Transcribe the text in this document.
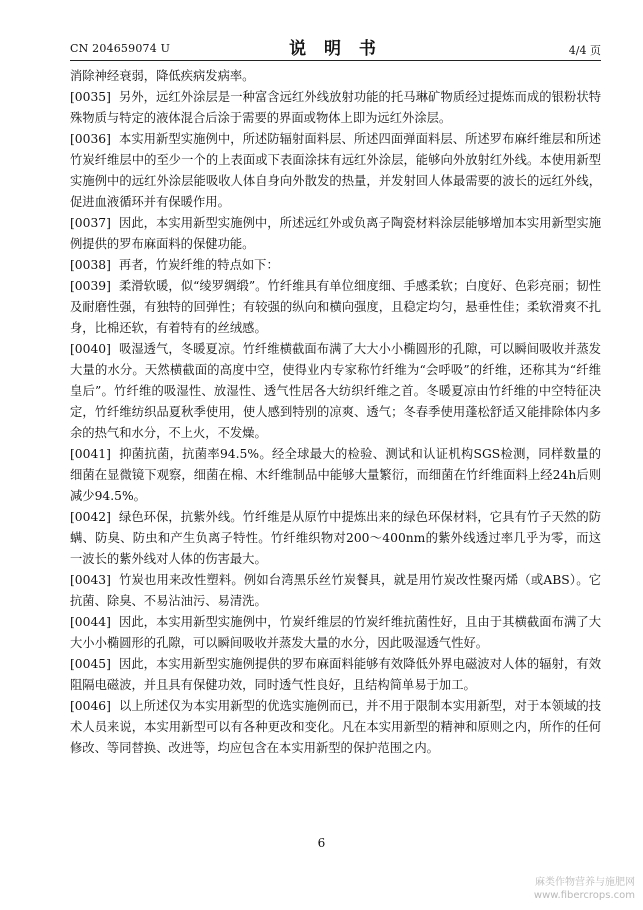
CN 204659074 U	说 明 书	4/4 页

消除神经衰弱，降低疾病发病率。

[0035] 另外，远红外涂层是一种富含远红外线放射功能的托马琳矿物质经过提炼而成的银粉状特殊物质与特定的液体混合后涂于需要的界面或物体上即为远红外涂层。

[0036] 本实用新型实施例中，所述防辐射面料层、所述四面弹面料层、所述罗布麻纤维层和所述竹炭纤维层中的至少一个的上表面或下表面涂抹有远红外涂层，能够向外放射红外线。本使用新型实施例中的远红外涂层能吸收人体自身向外散发的热量，并发射回人体最需要的波长的远红外线，促进血液循环并有保暖作用。

[0037] 因此，本实用新型实施例中，所述远红外或负离子陶瓷材料涂层能够增加本实用新型实施例提供的罗布麻面料的保健功能。

[0038] 再者，竹炭纤维的特点如下：

[0039] 柔滑软暖，似“绫罗绸缎”。竹纤维具有单位细度细、手感柔软；白度好、色彩亮丽；韧性及耐磨性强，有独特的回弹性；有较强的纵向和横向强度，且稳定均匀，悬垂性佳；柔软滑爽不扎身，比棉还软，有着特有的丝绒感。

[0040] 吸湿透气，冬暖夏凉。竹纤维横截面布满了大大小小椭圆形的孔隙，可以瞬间吸收并蒸发大量的水分。天然横截面的高度中空，使得业内专家称竹纤维为“会呼吸”的纤维，还称其为“纤维皇后”。竹纤维的吸湿性、放湿性、透气性居各大纺织纤维之首。冬暖夏凉由竹纤维的中空特征决定，竹纤维纺织品夏秋季使用，使人感到特别的凉爽、透气；冬春季使用蓬松舒适又能排除体内多余的热气和水分，不上火，不发燥。

[0041] 抑菌抗菌，抗菌率94.5%。经全球最大的检验、测试和认证机构SGS检测，同样数量的细菌在显微镜下观察，细菌在棉、木纤维制品中能够大量繁衍，而细菌在竹纤维面料上经24h后则减少94.5%。

[0042] 绿色环保，抗紫外线。竹纤维是从原竹中提炼出来的绿色环保材料，它具有竹子天然的防螨、防臭、防虫和产生负离子特性。竹纤维织物对200～400nm的紫外线透过率几乎为零，而这一波长的紫外线对人体的伤害最大。

[0043] 竹炭也用来改性塑料。例如台湾黑乐丝竹炭餐具，就是用竹炭改性聚丙烯（或ABS）。它抗菌、除臭、不易沾油污、易清洗。

[0044] 因此，本实用新型实施例中，竹炭纤维层的竹炭纤维抗菌性好，且由于其横截面布满了大大小小椭圆形的孔隙，可以瞬间吸收并蒸发大量的水分，因此吸湿透气性好。

[0045] 因此，本实用新型实施例提供的罗布麻面料能够有效降低外界电磁波对人体的辐射，有效阻隔电磁波，并且具有保健功效，同时透气性良好，且结构简单易于加工。

[0046] 以上所述仅为本实用新型的优选实施例而已，并不用于限制本实用新型，对于本领域的技术人员来说，本实用新型可以有各种更改和变化。凡在本实用新型的精神和原则之内，所作的任何修改、等同替换、改进等，均应包含在本实用新型的保护范围之内。

6
麻类作物营养与施肥网
www.fibercrops.com
